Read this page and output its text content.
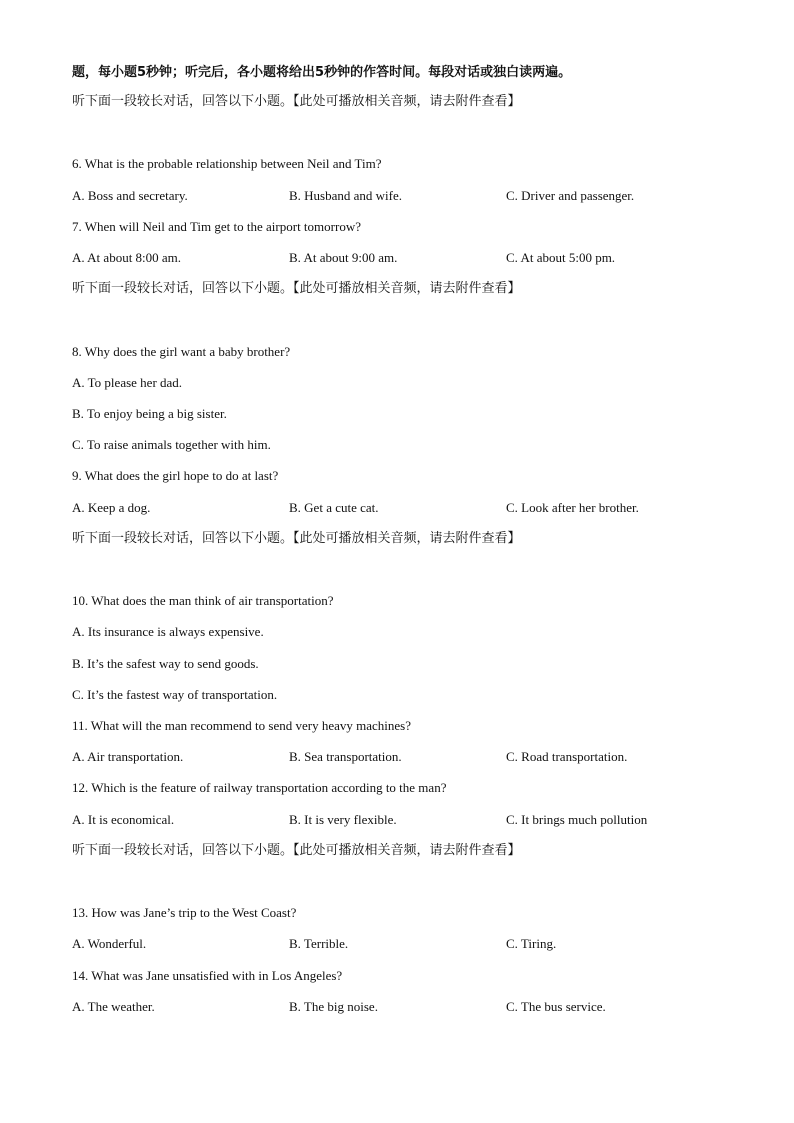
题，每小题5秒钟；听完后，各小题将给出5秒钟的作答时间。每段对话或独白读两遍。
听下面一段较长对话，回答以下小题。【此处可播放相关音频，请去附件查看】
6. What is the probable relationship between Neil and Tim?
A. Boss and secretary.	B. Husband and wife.	C. Driver and passenger.
7. When will Neil and Tim get to the airport tomorrow?
A. At about 8:00 am.	B. At about 9:00 am.	C. At about 5:00 pm.
听下面一段较长对话，回答以下小题。【此处可播放相关音频，请去附件查看】
8. Why does the girl want a baby brother?
A. To please her dad.
B. To enjoy being a big sister.
C. To raise animals together with him.
9. What does the girl hope to do at last?
A. Keep a dog.	B. Get a cute cat.	C. Look after her brother.
听下面一段较长对话，回答以下小题。【此处可播放相关音频，请去附件查看】
10. What does the man think of air transportation?
A. Its insurance is always expensive.
B. It’s the safest way to send goods.
C. It’s the fastest way of transportation.
11. What will the man recommend to send very heavy machines?
A. Air transportation.	B. Sea transportation.	C. Road transportation.
12. Which is the feature of railway transportation according to the man?
A. It is economical.	B. It is very flexible.	C. It brings much pollution
听下面一段较长对话，回答以下小题。【此处可播放相关音频，请去附件查看】
13. How was Jane’s trip to the West Coast?
A. Wonderful.	B. Terrible.	C. Tiring.
14. What was Jane unsatisfied with in Los Angeles?
A. The weather.	B. The big noise.	C. The bus service.
